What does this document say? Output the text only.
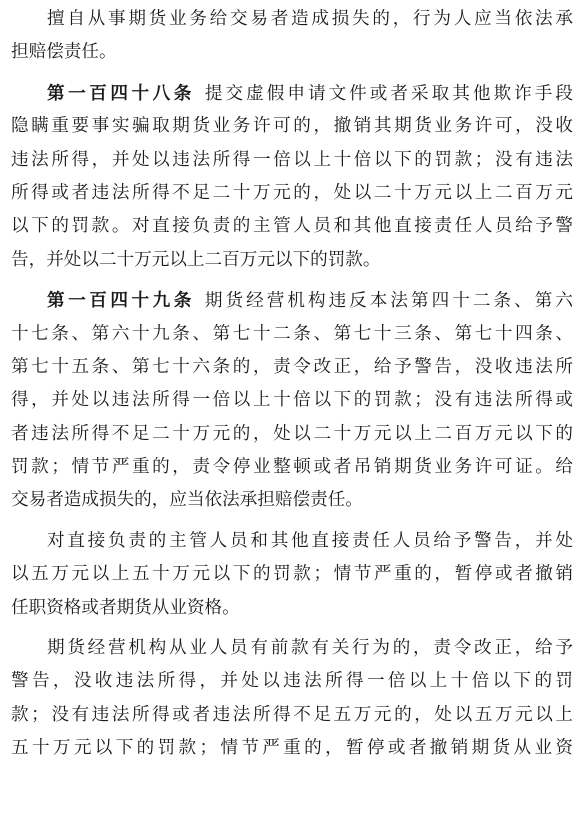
擅自从事期货业务给交易者造成损失的，行为人应当依法承
担赔偿责任。
第一百四十八条 提交虚假申请文件或者采取其他欺诈手段
隐瞒重要事实骗取期货业务许可的，撤销其期货业务许可，没收
违法所得，并处以违法所得一倍以上十倍以下的罚款；没有违法
所得或者违法所得不足二十万元的，处以二十万元以上二百万元
以下的罚款。对直接负责的主管人员和其他直接责任人员给予警
告，并处以二十万元以上二百万元以下的罚款。
第一百四十九条 期货经营机构违反本法第四十二条、第六
十七条、第六十九条、第七十二条、第七十三条、第七十四条、
第七十五条、第七十六条的，责令改正，给予警告，没收违法所
得，并处以违法所得一倍以上十倍以下的罚款；没有违法所得或
者违法所得不足二十万元的，处以二十万元以上二百万元以下的
罚款；情节严重的，责令停业整顿或者吊销期货业务许可证。给
交易者造成损失的，应当依法承担赔偿责任。
对直接负责的主管人员和其他直接责任人员给予警告，并处
以五万元以上五十万元以下的罚款；情节严重的，暂停或者撤销
任职资格或者期货从业资格。
期货经营机构从业人员有前款有关行为的，责令改正，给予
警告，没收违法所得，并处以违法所得一倍以上十倍以下的罚
款；没有违法所得或者违法所得不足五万元的，处以五万元以上
五十万元以下的罚款；情节严重的，暂停或者撤销期货从业资
